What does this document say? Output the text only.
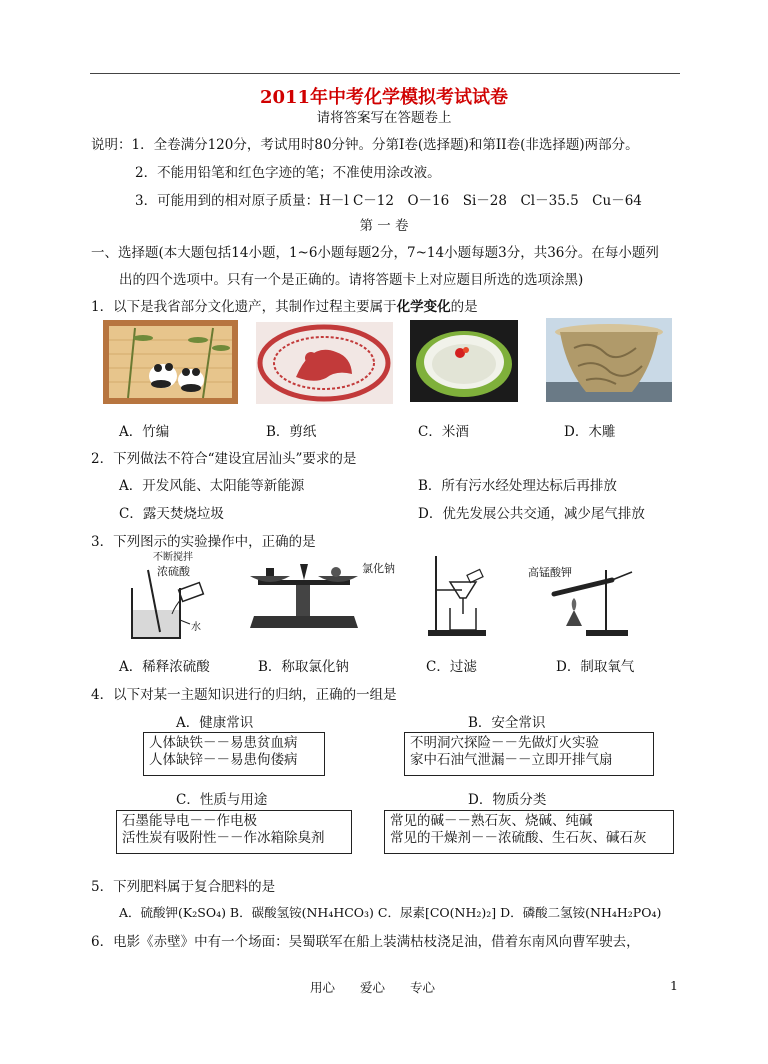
2011年中考化学模拟考试试卷
请将答案写在答题卷上
说明：1．全卷满分120分，考试用时80分钟。分第I卷(选择题)和第II卷(非选择题)两部分。
2．不能用铅笔和红色字迹的笔；不准使用涂改液。
3．可能用到的相对原子质量：H－l C－12　O－16　Si－28　Cl－35.5　Cu－64
第 一 卷
一、选择题(本大题包括14小题，1~6小题每题2分，7~14小题每题3分，共36分。在每小题列
出的四个选项中。只有一个是正确的。请将答题卡上对应题目所选的选项涂黑)
1．以下是我省部分文化遗产，其制作过程主要属于化学变化的是
A．竹编	B．剪纸	C．米酒	D．木雕
2．下列做法不符合“建设宜居汕头”要求的是
A．开发风能、太阳能等新能源	B．所有污水经处理达标后再排放
C．露天焚烧垃圾	D．优先发展公共交通，减少尾气排放
3．下列图示的实验操作中，正确的是
不断搅拌
浓硫酸
水
氯化钠	高锰酸钾
A．稀释浓硫酸	B．称取氯化钠	C．过滤	D．制取氧气
4．以下对某一主题知识进行的归纳，正确的一组是
A．健康常识
人体缺铁－－易患贫血病
人体缺锌－－易患佝偻病
B．安全常识
不明洞穴探险－－先做灯火实验
家中石油气泄漏－－立即开排气扇
C．性质与用途
石墨能导电－－作电极
活性炭有吸附性－－作冰箱除臭剂
D．物质分类
常见的碱－－熟石灰、烧碱、纯碱
常见的干燥剂－－浓硫酸、生石灰、碱石灰
5．下列肥料属于复合肥料的是
A．硫酸钾(K₂SO₄) B．碳酸氢铵(NH₄HCO₃) C．尿素[CO(NH₂)₂] D．磷酸二氢铵(NH₄H₂PO₄)
6．电影《赤壁》中有一个场面：吴蜀联军在船上装满枯枝浇足油，借着东南风向曹军驶去，
用心　　爱心　　专心	1
